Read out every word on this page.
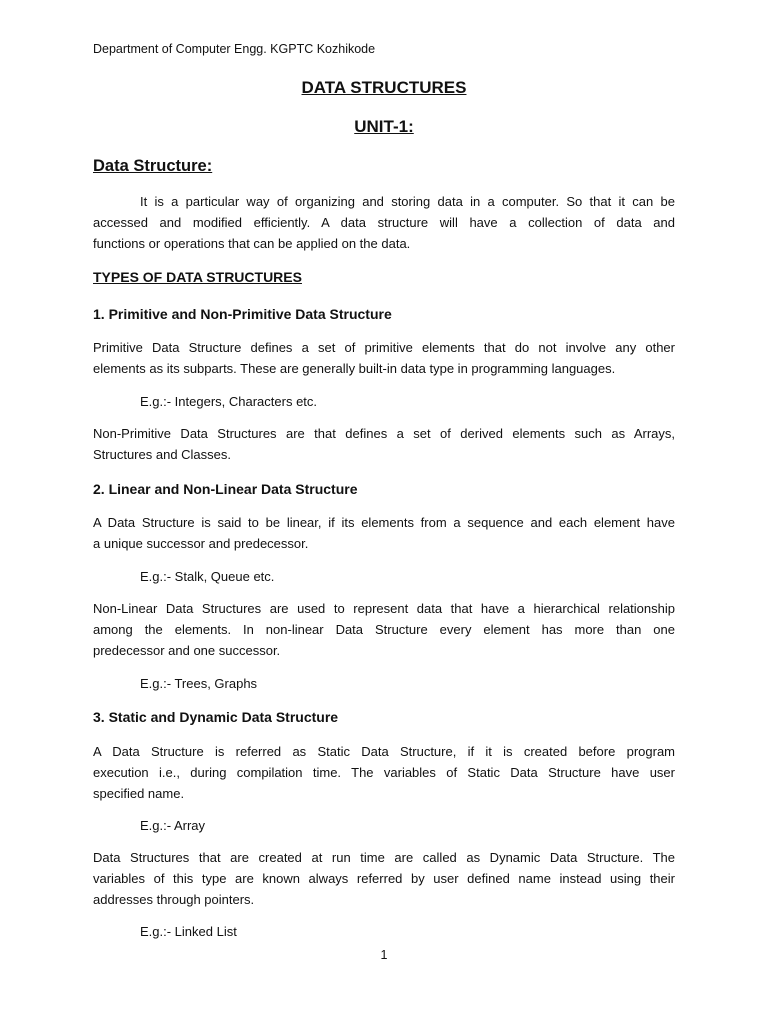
Department of Computer Engg. KGPTC Kozhikode
DATA STRUCTURES
UNIT-1:
Data Structure:
It is a particular way of organizing and storing data in a computer. So that it can be
accessed and modified efficiently. A data structure will have a collection of data and
functions or operations that can be applied on the data.
TYPES OF DATA STRUCTURES
1. Primitive and Non-Primitive Data Structure
Primitive Data Structure defines a set of primitive elements that do not involve any other
elements as its subparts. These are generally built-in data type in programming languages.
E.g.:- Integers, Characters etc.
Non-Primitive Data Structures are that defines a set of derived elements such as Arrays,
Structures and Classes.
2. Linear and Non-Linear Data Structure
A Data Structure is said to be linear, if its elements from a sequence and each element have
a unique successor and predecessor.
E.g.:- Stalk, Queue etc.
Non-Linear Data Structures are used to represent data that have a hierarchical relationship
among the elements. In non-linear Data Structure every element has more than one
predecessor and one successor.
E.g.:- Trees, Graphs
3. Static and Dynamic Data Structure
A Data Structure is referred as Static Data Structure, if it is created before program
execution i.e., during compilation time. The variables of Static Data Structure have user
specified name.
E.g.:- Array
Data Structures that are created at run time are called as Dynamic Data Structure. The
variables of this type are known always referred by user defined name instead using their
addresses through pointers.
E.g.:- Linked List
1
